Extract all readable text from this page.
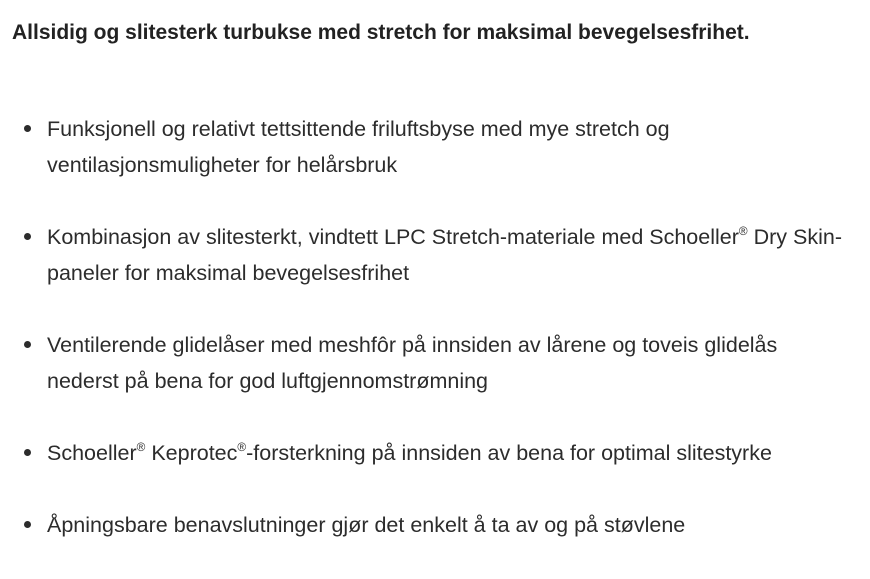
Allsidig og slitesterk turbukse med stretch for maksimal bevegelsesfrihet.
Funksjonell og relativt tettsittende friluftsbyse med mye stretch og ventilasjonsmuligheter for helårsbruk
Kombinasjon av slitesterkt, vindtett LPC Stretch-materiale med Schoeller® Dry Skin-paneler for maksimal bevegelsesfrihet
Ventilerende glidelåser med meshfôr på innsiden av lårene og toveis glidelås nederst på bena for god luftgjennomstrømning
Schoeller® Keprotec®-forsterkning på innsiden av bena for optimal slitestyrke
Åpningsbare benavslutninger gjør det enkelt å ta av og på støvlene
